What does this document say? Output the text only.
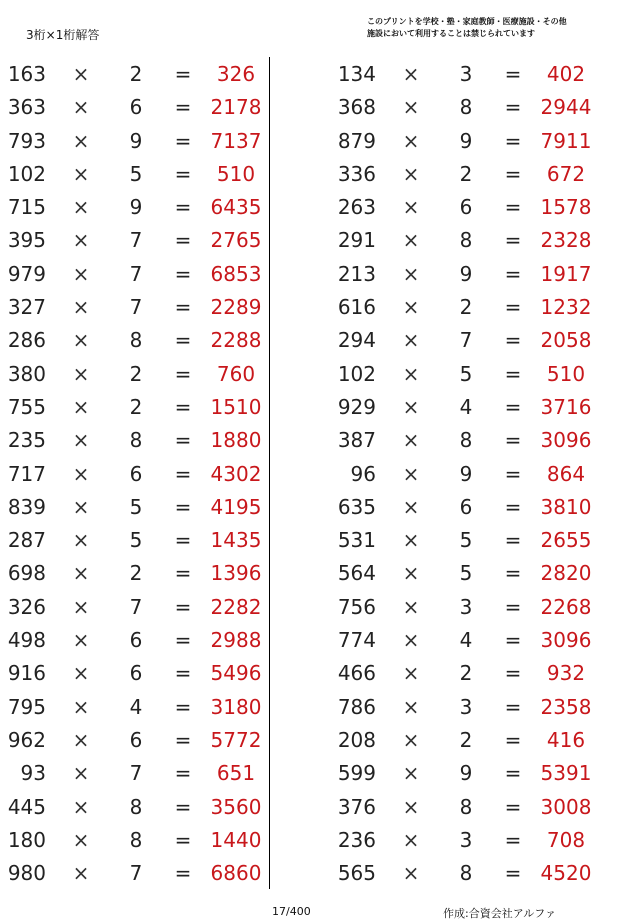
3桁×1桁解答
このプリントを学校・塾・家庭教師・医療施設・その他
施設において利用することは禁じられています
163 × 2 =	326
363 × 6 = 2178
793 × 9 = 7137
102 × 5 =	510
715 × 9 = 6435
395 × 7 = 2765
979 × 7 = 6853
327 × 7 = 2289
286 × 8 = 2288
380 × 2 =	760
755 × 2 = 1510
235 × 8 = 1880
717 × 6 = 4302
839 × 5 = 4195
287 × 5 = 1435
698 × 2 = 1396
326 × 7 = 2282
498 × 6 = 2988
916 × 6 = 5496
795 × 4 = 3180
962 × 6 = 5772
93 × 7 =	651
445 × 8 = 3560
180 × 8 = 1440
980 × 7 = 6860
134 × 3 =	402
368 × 8 = 2944
879 × 9 = 7911
336 × 2 =	672
263 × 6 = 1578
291 × 8 = 2328
213 × 9 = 1917
616 × 2 = 1232
294 × 7 = 2058
102 × 5 =	510
929 × 4 = 3716
387 × 8 = 3096
96 × 9 =	864
635 × 6 = 3810
531 × 5 = 2655
564 × 5 = 2820
756 × 3 = 2268
774 × 4 = 3096
466 × 2 =	932
786 × 3 = 2358
208 × 2 =	416
599 × 9 = 5391
376 × 8 = 3008
236 × 3 =	708
565 × 8 = 4520
17/400	作成:合資会社アルファ
